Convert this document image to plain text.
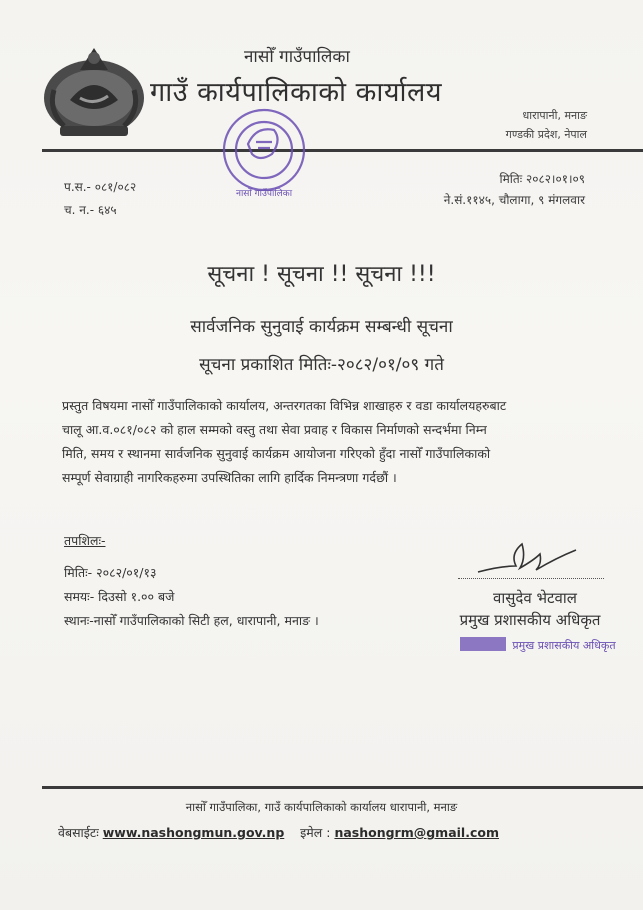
नासोँ गाउँपालिका
गाउँ कार्यपालिकाको कार्यालय
धारापानी, मनाङ
गण्डकी प्रदेश, नेपाल
नासोँ गाउँपालिका
प.स.- ०८१/०८२
च. न.- ६४५
मितिः २०८२।०१।०९
ने.सं.११४५, चौलागा, ९ मंगलवार
सूचना ! सूचना !! सूचना !!!
सार्वजनिक सुनुवाई कार्यक्रम सम्बन्धी सूचना
सूचना प्रकाशित मितिः-२०८२/०१/०९ गते
प्रस्तुत विषयमा नासोँ गाउँपालिकाको कार्यालय, अन्तरगतका विभिन्न शाखाहरु र वडा कार्यालयहरुबाट
चालू आ.व.०८१/०८२ को हाल सम्मको वस्तु तथा सेवा प्रवाह र विकास निर्माणको सन्दर्भमा निम्न
मिति, समय र स्थानमा सार्वजनिक सुनुवाई कार्यक्रम आयोजना गरिएको हुँदा नासोँ गाउँपालिकाको
सम्पूर्ण सेवाग्राही नागरिकहरुमा उपस्थितिका लागि हार्दिक निमन्त्रणा गर्दछौं ।
तपशिलः-
मितिः- २०८२/०१/१३
समयः- दिउसो १.०० बजे
स्थानः-नासोँ गाउँपालिकाको सिटी हल, धारापानी, मनाङ ।
वासुदेव भेटवाल
प्रमुख प्रशासकीय अधिकृत
प्रमुख प्रशासकीय अधिकृत
नासोँ गाउँपालिका, गाउँ कार्यपालिकाको कार्यालय धारापानी, मनाङ
वेबसाईटः www.nashongmun.gov.np इमेल : nashongrm@gmail.com
